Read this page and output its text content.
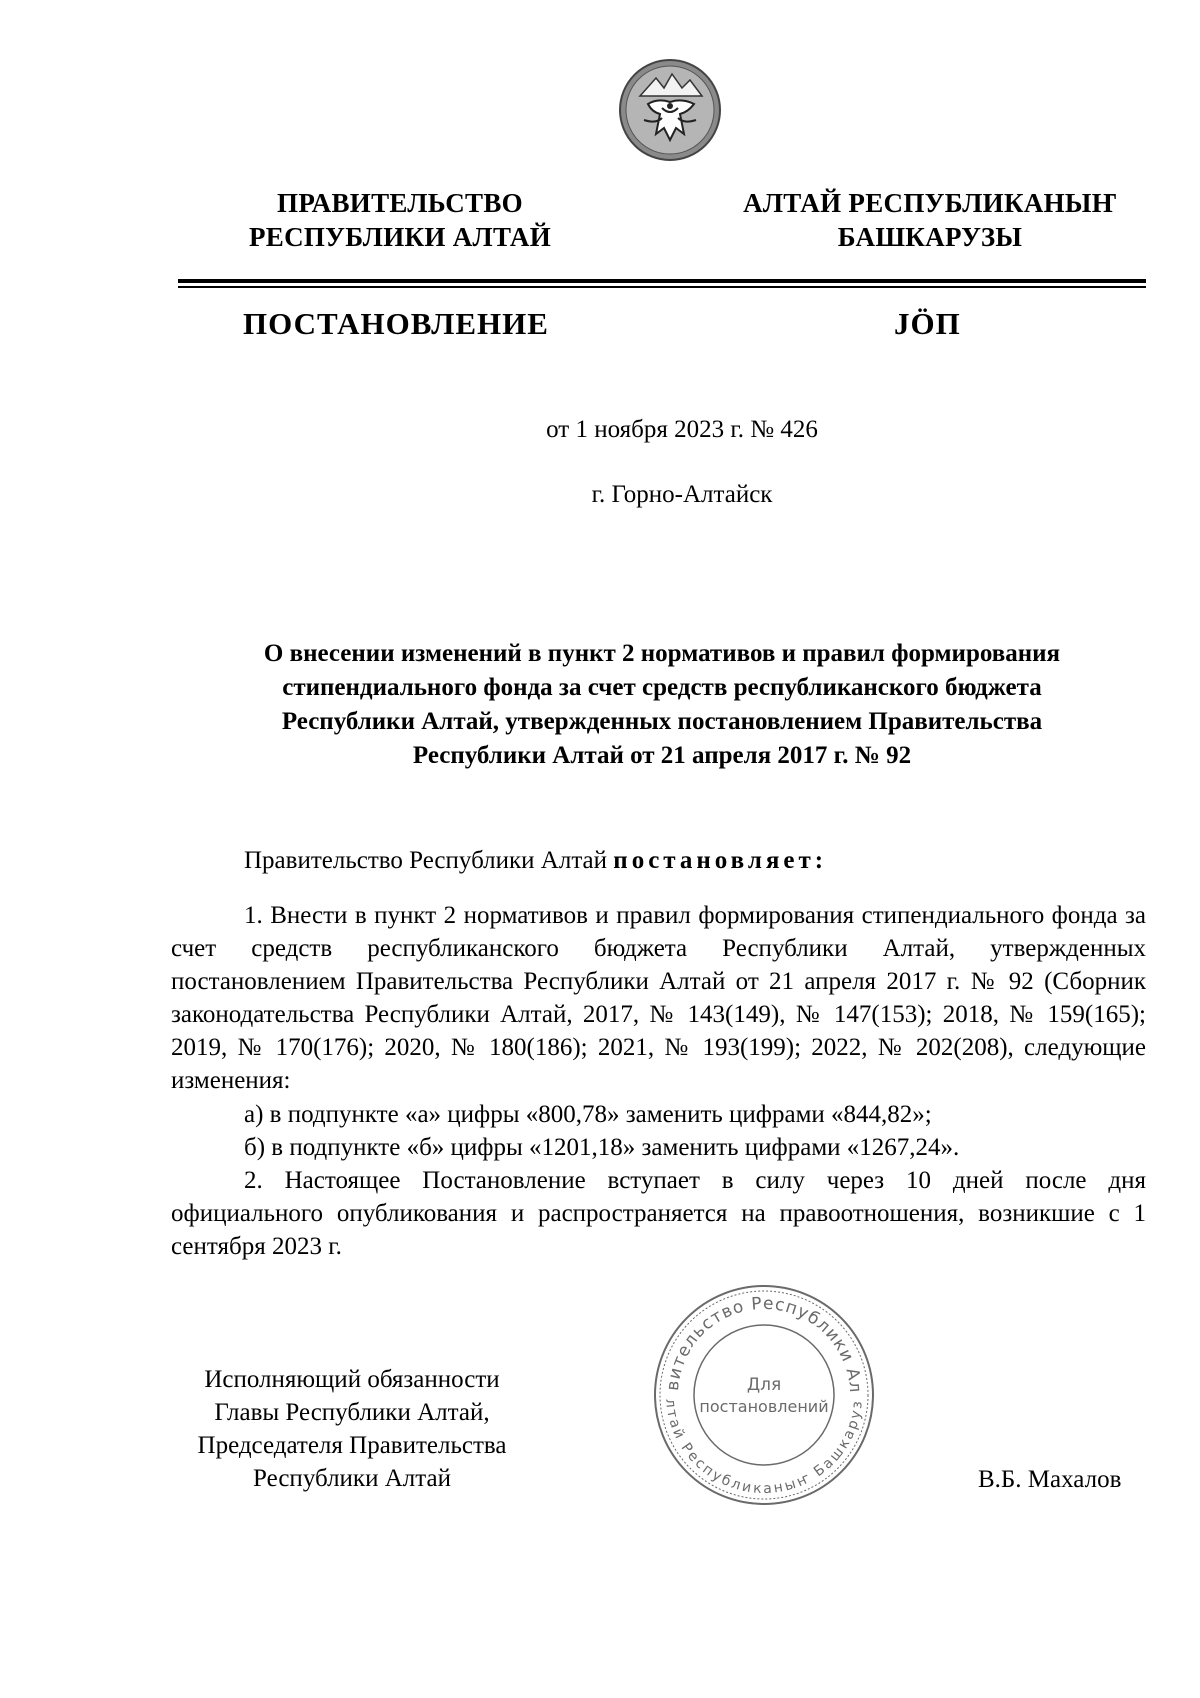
ПРАВИТЕЛЬСТВО
РЕСПУБЛИКИ АЛТАЙ
АЛТАЙ РЕСПУБЛИКАНЫҤ
БАШКАРУЗЫ
ПОСТАНОВЛЕНИЕ	JӦП
от 1 ноября 2023 г. № 426
г. Горно-Алтайск
О внесении изменений в пункт 2 нормативов и правил формирования
стипендиального фонда за счет средств республиканского бюджета
Республики Алтай, утвержденных постановлением Правительства
Республики Алтай от 21 апреля 2017 г. № 92
Правительство Республики Алтай постановляет:
1. Внести в пункт 2 нормативов и правил формирования стипендиального фонда за счет средств республиканского бюджета Республики Алтай, утвержденных постановлением Правительства Республики Алтай от 21 апреля 2017 г. № 92 (Сборник законодательства Республики Алтай, 2017, № 143(149), № 147(153); 2018, № 159(165); 2019, № 170(176); 2020, № 180(186); 2021, № 193(199); 2022, № 202(208), следующие изменения:
а) в подпункте «а» цифры «800,78» заменить цифрами «844,82»;
б) в подпункте «б» цифры «1201,18» заменить цифрами «1267,24».
2. Настоящее Постановление вступает в силу через 10 дней после дня официального опубликования и распространяется на правоотношения, возникшие с 1 сентября 2023 г.
Исполняющий обязанности
Главы Республики Алтай,
Председателя Правительства
Республики Алтай
вительство Республики Ал
лтай Республиканыҥ Башкаруз
Для
постановлений
В.Б. Махалов
